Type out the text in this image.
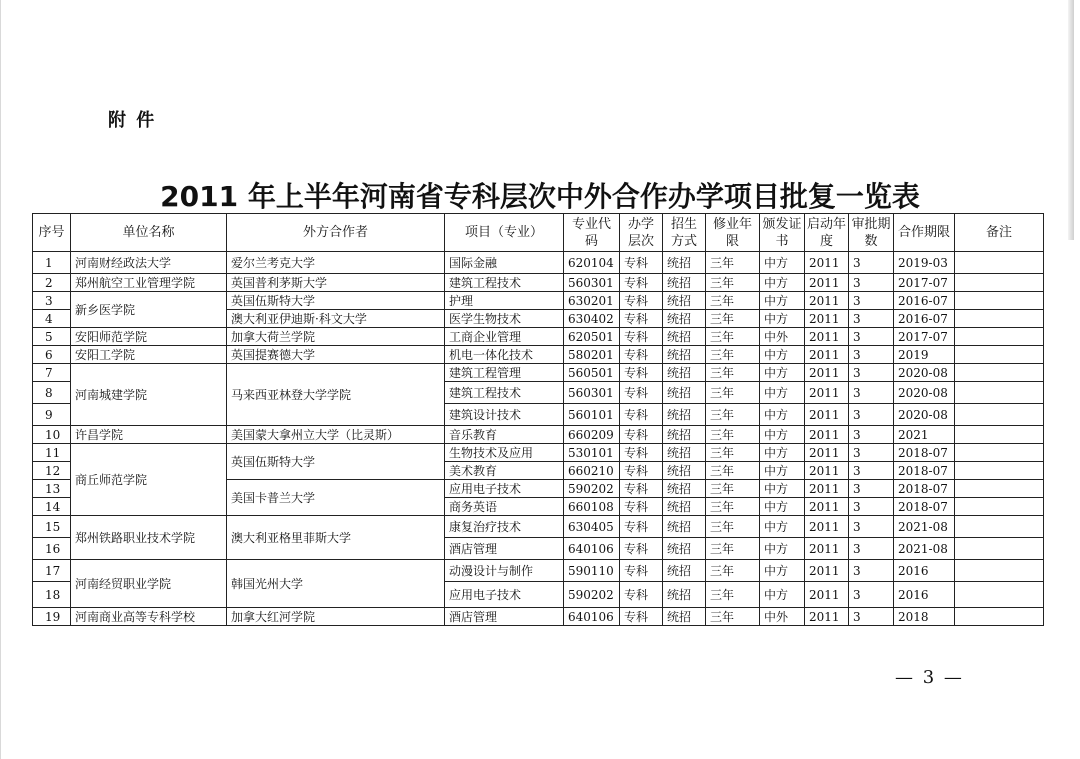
附 件
2011 年上半年河南省专科层次中外合作办学项目批复一览表
序号	单位名称	外方合作者	项目（专业）	专业代码	办学层次	招生方式	修业年限	颁发证书	启动年度	审批期数	合作期限	备注
1	河南财经政法大学	爱尔兰考克大学	国际金融	620104	专科	统招	三年	中方	2011	3	2019-03	
2	郑州航空工业管理学院	英国普利茅斯大学	建筑工程技术	560301	专科	统招	三年	中方	2011	3	2017-07	
3	新乡医学院	英国伍斯特大学	护理	630201	专科	统招	三年	中方	2011	3	2016-07	
4		澳大利亚伊迪斯·科文大学	医学生物技术	630402	专科	统招	三年	中方	2011	3	2016-07	
5	安阳师范学院	加拿大荷兰学院	工商企业管理	620501	专科	统招	三年	中外	2011	3	2017-07	
6	安阳工学院	英国提赛德大学	机电一体化技术	580201	专科	统招	三年	中方	2011	3	2019	
7	河南城建学院	马来西亚林登大学学院	建筑工程管理	560501	专科	统招	三年	中方	2011	3	2020-08	
8			建筑工程技术	560301	专科	统招	三年	中方	2011	3	2020-08	
9			建筑设计技术	560101	专科	统招	三年	中方	2011	3	2020-08	
10	许昌学院	美国蒙大拿州立大学（比灵斯）	音乐教育	660209	专科	统招	三年	中方	2011	3	2021	
11	商丘师范学院	英国伍斯特大学	生物技术及应用	530101	专科	统招	三年	中方	2011	3	2018-07	
12			美术教育	660210	专科	统招	三年	中方	2011	3	2018-07	
13		美国卡普兰大学	应用电子技术	590202	专科	统招	三年	中方	2011	3	2018-07	
14			商务英语	660108	专科	统招	三年	中方	2011	3	2018-07	
15	郑州铁路职业技术学院	澳大利亚格里菲斯大学	康复治疗技术	630405	专科	统招	三年	中方	2011	3	2021-08	
16			酒店管理	640106	专科	统招	三年	中方	2011	3	2021-08	
17	河南经贸职业学院	韩国光州大学	动漫设计与制作	590110	专科	统招	三年	中方	2011	3	2016	
18			应用电子技术	590202	专科	统招	三年	中方	2011	3	2016	
19	河南商业高等专科学校	加拿大红河学院	酒店管理	640106	专科	统招	三年	中外	2011	3	2018	
— 3 —
